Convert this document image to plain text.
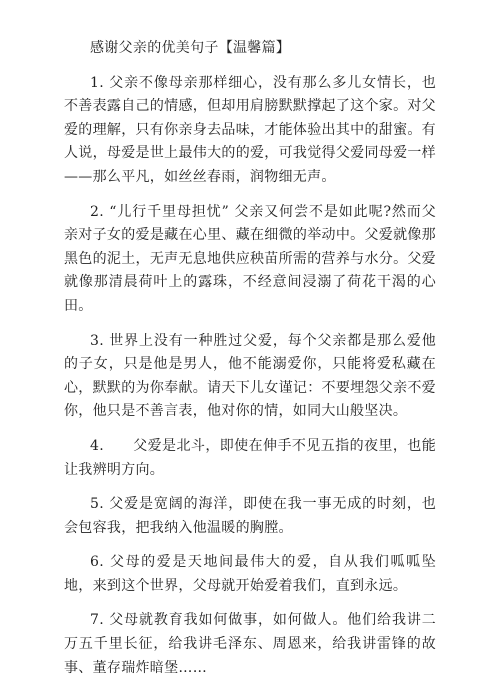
感谢父亲的优美句子【温馨篇】

1. 父亲不像母亲那样细心，没有那么多儿女情长，也不善表露自己的情感，但却用肩膀默默撑起了这个家。对父爱的理解，只有你亲身去品味，才能体验出其中的甜蜜。有人说，母爱是世上最伟大的的爱，可我觉得父爱同母爱一样——那么平凡，如丝丝春雨，润物细无声。

2. “儿行千里母担忧” 父亲又何尝不是如此呢?然而父亲对子女的爱是藏在心里、藏在细微的举动中。父爱就像那黑色的泥土，无声无息地供应秧苗所需的营养与水分。父爱就像那清晨荷叶上的露珠，不经意间浸溺了荷花干渴的心田。

3. 世界上没有一种胜过父爱，每个父亲都是那么爱他的子女，只是他是男人，他不能溺爱你，只能将爱私藏在心，默默的为你奉献。请天下儿女谨记：不要埋怨父亲不爱你，他只是不善言表，他对你的情，如同大山般坚决。

4.      父爱是北斗，即使在伸手不见五指的夜里，也能让我辨明方向。

5. 父爱是宽阔的海洋，即使在我一事无成的时刻，也会包容我，把我纳入他温暖的胸膛。

6. 父母的爱是天地间最伟大的爱，自从我们呱呱坠地，来到这个世界，父母就开始爱着我们，直到永远。

7. 父母就教育我如何做事，如何做人。他们给我讲二万五千里长征，给我讲毛泽东、周恩来，给我讲雷锋的故事、董存瑞炸暗堡……
